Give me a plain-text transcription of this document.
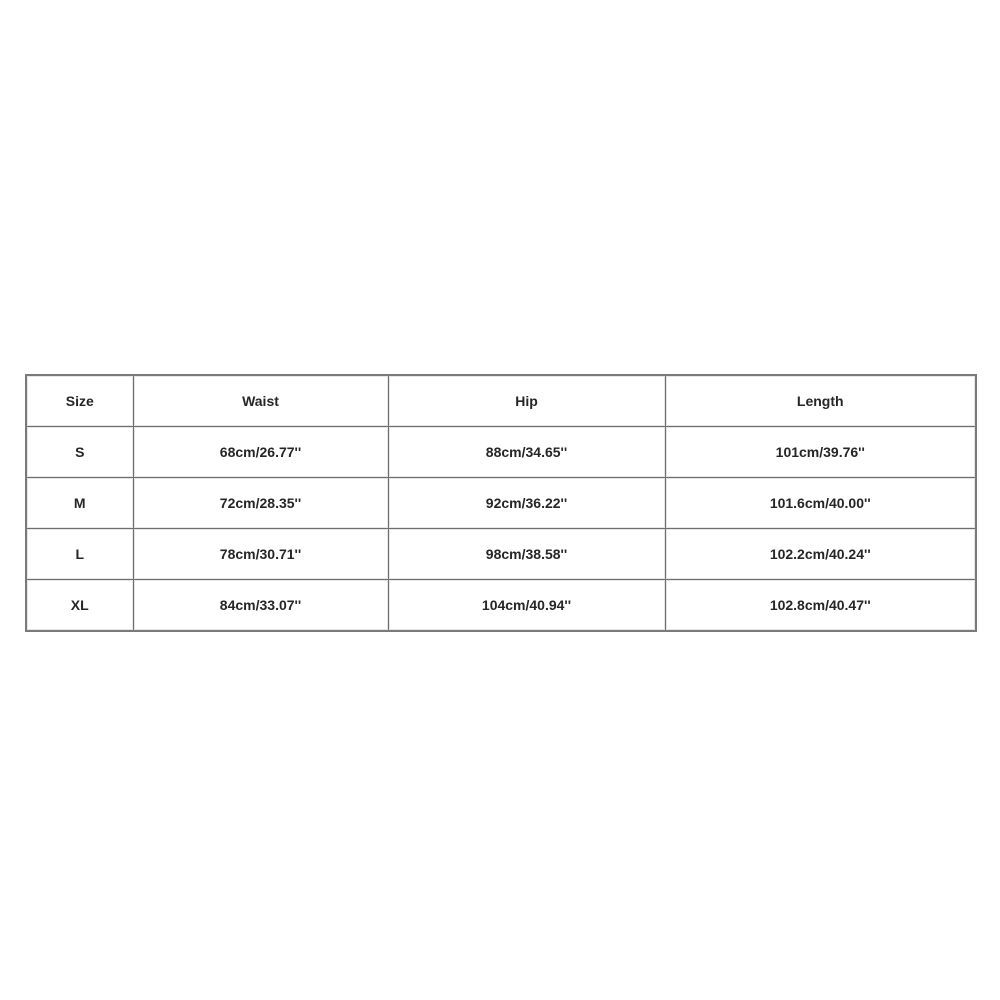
Size	Waist	Hip	Length
S	68cm/26.77''	88cm/34.65''	101cm/39.76''
M	72cm/28.35''	92cm/36.22''	101.6cm/40.00''
L	78cm/30.71''	98cm/38.58''	102.2cm/40.24''
XL	84cm/33.07''	104cm/40.94''	102.8cm/40.47''
